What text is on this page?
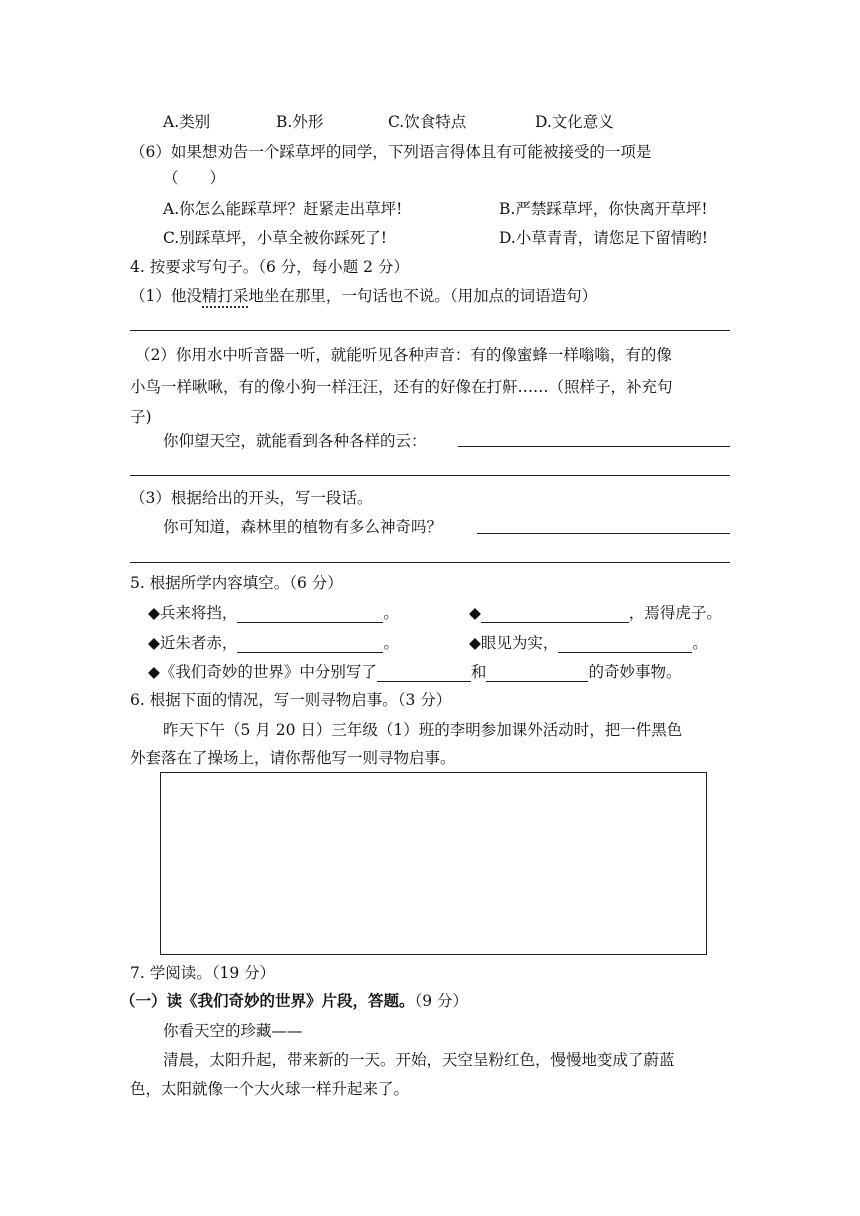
A.类别	B.外形	C.饮食特点	D.文化意义
（6）如果想劝告一个踩草坪的同学，下列语言得体且有可能被接受的一项是
（　　）
A.你怎么能踩草坪？赶紧走出草坪!	B.严禁踩草坪，你快离开草坪!
C.别踩草坪，小草全被你踩死了!	D.小草青青，请您足下留情哟!
4. 按要求写句子。（6 分，每小题 2 分）
（1）他没精打采地坐在那里，一句话也不说。（用加点的词语造句）
（2）你用水中听音器一听，就能听见各种声音：有的像蜜蜂一样嗡嗡，有的像
小鸟一样啾啾，有的像小狗一样汪汪，还有的好像在打鼾……（照样子，补充句
子)
你仰望天空，就能看到各种各样的云：
（3）根据给出的开头，写一段话。
你可知道，森林里的植物有多么神奇吗？
5. 根据所学内容填空。（6 分）
◆兵来将挡，	。	◆	，焉得虎子。
◆近朱者赤，	。	◆眼见为实，	。
◆《我们奇妙的世界》中分别写了	和	的奇妙事物。
6. 根据下面的情况，写一则寻物启事。（3 分）
昨天下午（5 月 20 日）三年级（1）班的李明参加课外活动时，把一件黑色
外套落在了操场上，请你帮他写一则寻物启事。
7. 学阅读。（19 分）
（一）读《我们奇妙的世界》片段，答题。（9 分）
你看天空的珍藏——
清晨，太阳升起，带来新的一天。开始，天空呈粉红色，慢慢地变成了蔚蓝
色，太阳就像一个大火球一样升起来了。
